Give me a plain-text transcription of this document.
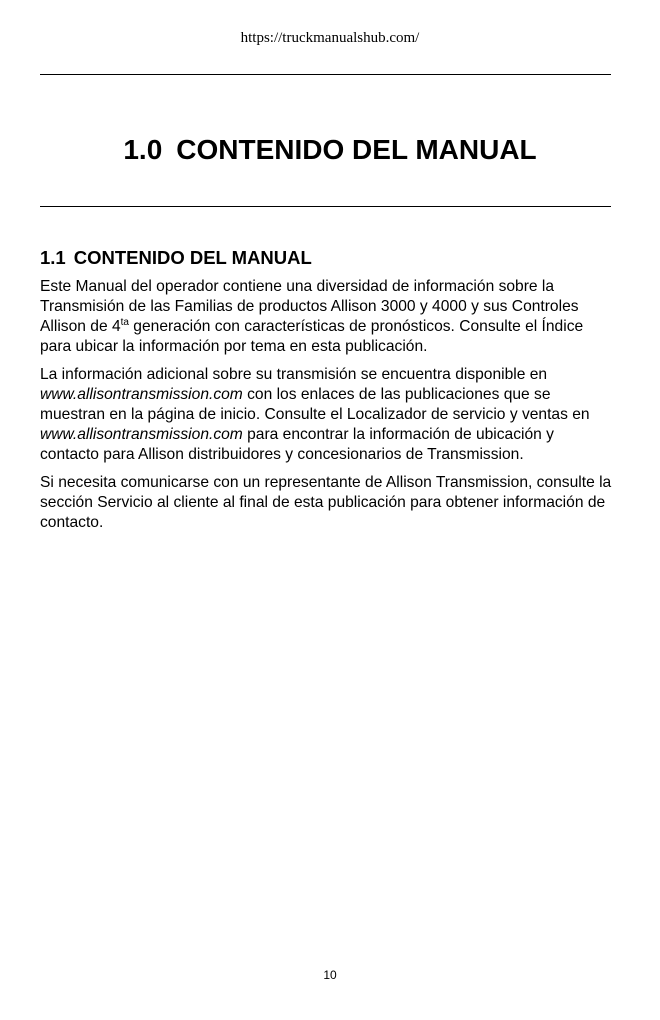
https://truckmanualshub.com/
1.0 CONTENIDO DEL MANUAL
1.1 CONTENIDO DEL MANUAL

Este Manual del operador contiene una diversidad de información sobre la Transmisión de las Familias de productos Allison 3000 y 4000 y sus Controles Allison de $4^{ta}$ generación con características de pronósticos. Consulte el Índice para ubicar la información por tema en esta publicación.

La información adicional sobre su transmisión se encuentra disponible en www.allisontransmission.com con los enlaces de las publicaciones que se muestran en la página de inicio. Consulte el Localizador de servicio y ventas en www.allisontransmission.com para encontrar la información de ubicación y contacto para Allison distribuidores y concesionarios de Transmission.

Si necesita comunicarse con un representante de Allison Transmission, consulte la sección Servicio al cliente al final de esta publicación para obtener información de contacto.

10
